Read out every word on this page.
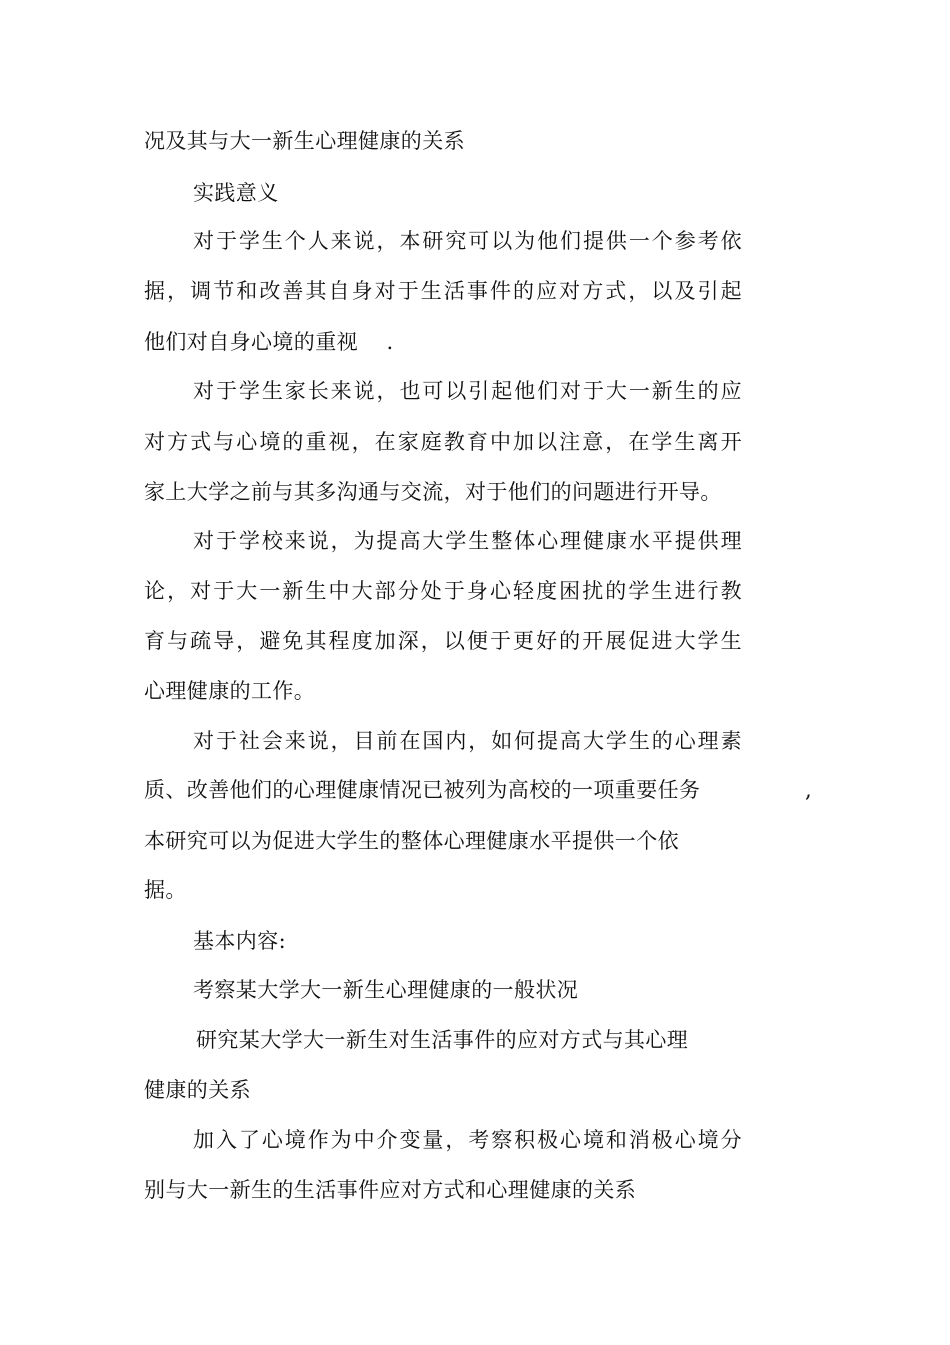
况及其与大一新生心理健康的关系
实践意义
对于学生个人来说，本研究可以为他们提供一个参考依
据，调节和改善其自身对于生活事件的应对方式，以及引起
他们对自身心境的重视　 .
对于学生家长来说，也可以引起他们对于大一新生的应
对方式与心境的重视，在家庭教育中加以注意，在学生离开
家上大学之前与其多沟通与交流，对于他们的问题进行开导。
对于学校来说，为提高大学生整体心理健康水平提供理
论，对于大一新生中大部分处于身心轻度困扰的学生进行教
育与疏导，避免其程度加深，以便于更好的开展促进大学生
心理健康的工作。
对于社会来说，目前在国内，如何提高大学生的心理素
质、改善他们的心理健康情况已被列为高校的一项重要任务	,
本研究可以为促进大学生的整体心理健康水平提供一个依
据。
基本内容:
考察某大学大一新生心理健康的一般状况
研究某大学大一新生对生活事件的应对方式与其心理
健康的关系
加入了心境作为中介变量，考察积极心境和消极心境分
别与大一新生的生活事件应对方式和心理健康的关系
